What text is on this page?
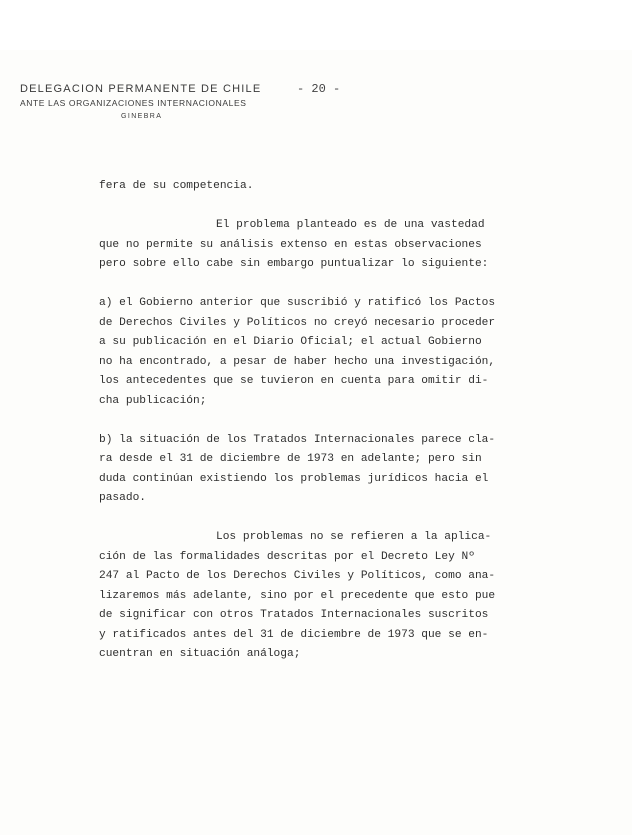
DELEGACION PERMANENTE DE CHILE
ANTE LAS ORGANIZACIONES INTERNACIONALES
GINEBRA
- 20 -
fera de su competencia.
El problema planteado es de una vastedad
que no permite su análisis extenso en estas observaciones
pero sobre ello cabe sin embargo puntualizar lo siguiente:
a) el Gobierno anterior que suscribió y ratificó los Pactos
de Derechos Civiles y Políticos no creyó necesario proceder
a su publicación en el Diario Oficial; el actual Gobierno
no ha encontrado, a pesar de haber hecho una investigación,
los antecedentes que se tuvieron en cuenta para omitir di-
cha publicación;
b) la situación de los Tratados Internacionales parece cla-
ra desde el 31 de diciembre de 1973 en adelante; pero sin
duda continúan existiendo los problemas jurídicos hacia el
pasado.
Los problemas no se refieren a la aplica-
ción de las formalidades descritas por el Decreto Ley Nº
247 al Pacto de los Derechos Civiles y Políticos, como ana-
lizaremos más adelante, sino por el precedente que esto pue
de significar con otros Tratados Internacionales suscritos
y ratificados antes del 31 de diciembre de 1973 que se en-
cuentran en situación análoga;
